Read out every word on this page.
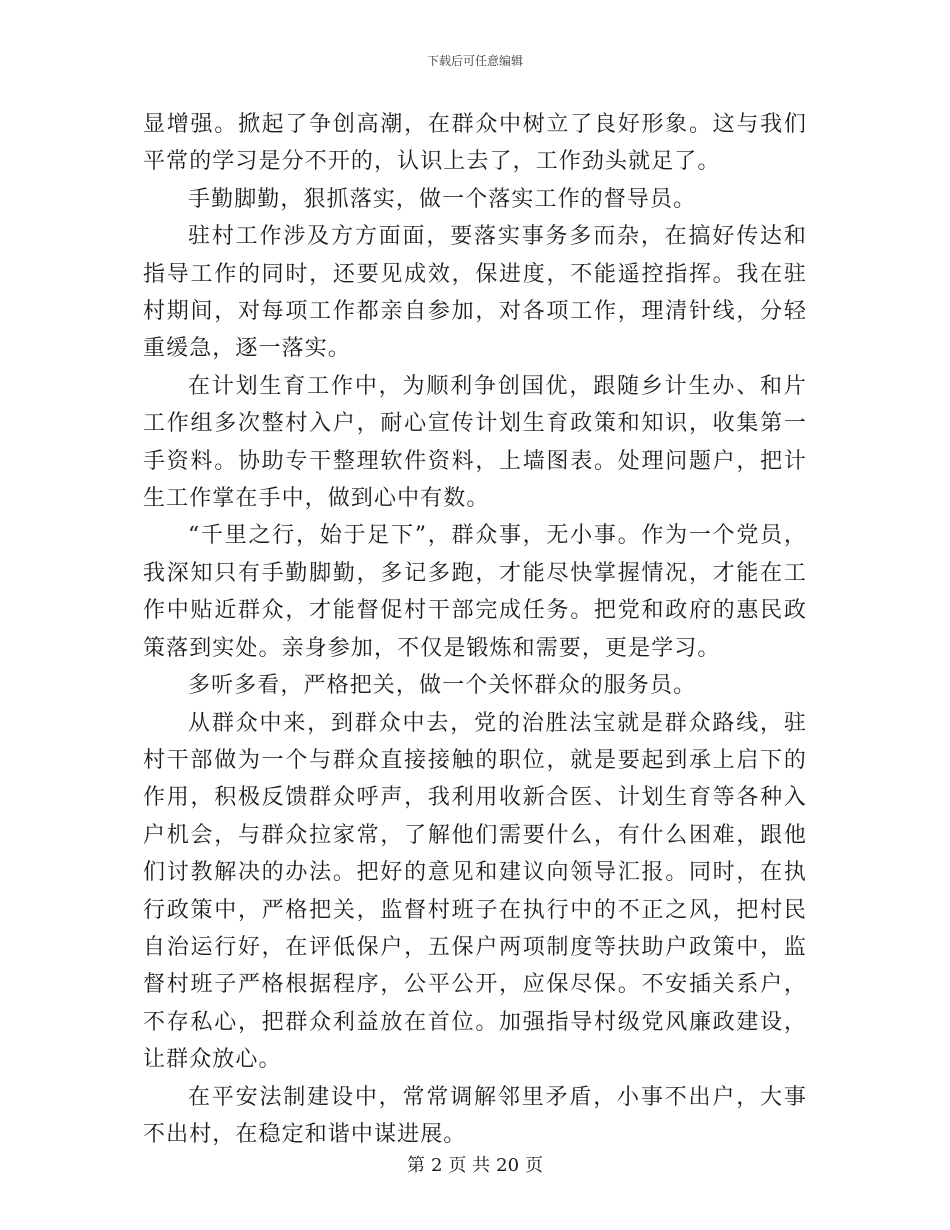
下载后可任意编辑

显增强。掀起了争创高潮，在群众中树立了良好形象。这与我们平常的学习是分不开的，认识上去了，工作劲头就足了。

手勤脚勤，狠抓落实，做一个落实工作的督导员。

驻村工作涉及方方面面，要落实事务多而杂，在搞好传达和指导工作的同时，还要见成效，保进度，不能遥控指挥。我在驻村期间，对每项工作都亲自参加，对各项工作，理清针线，分轻重缓急，逐一落实。

在计划生育工作中，为顺利争创国优，跟随乡计生办、和片工作组多次整村入户，耐心宣传计划生育政策和知识，收集第一手资料。协助专干整理软件资料，上墙图表。处理问题户，把计生工作掌在手中，做到心中有数。

“千里之行，始于足下”，群众事，无小事。作为一个党员，我深知只有手勤脚勤，多记多跑，才能尽快掌握情况，才能在工作中贴近群众，才能督促村干部完成任务。把党和政府的惠民政策落到实处。亲身参加，不仅是锻炼和需要，更是学习。

多听多看，严格把关，做一个关怀群众的服务员。

从群众中来，到群众中去，党的治胜法宝就是群众路线，驻村干部做为一个与群众直接接触的职位，就是要起到承上启下的作用，积极反馈群众呼声，我利用收新合医、计划生育等各种入户机会，与群众拉家常，了解他们需要什么，有什么困难，跟他们讨教解决的办法。把好的意见和建议向领导汇报。同时，在执行政策中，严格把关，监督村班子在执行中的不正之风，把村民自治运行好，在评低保户，五保户两项制度等扶助户政策中，监督村班子严格根据程序，公平公开，应保尽保。不安插关系户，不存私心，把群众利益放在首位。加强指导村级党风廉政建设，让群众放心。

在平安法制建设中，常常调解邻里矛盾，小事不出户，大事不出村，在稳定和谐中谋进展。

第 2 页 共 20 页
